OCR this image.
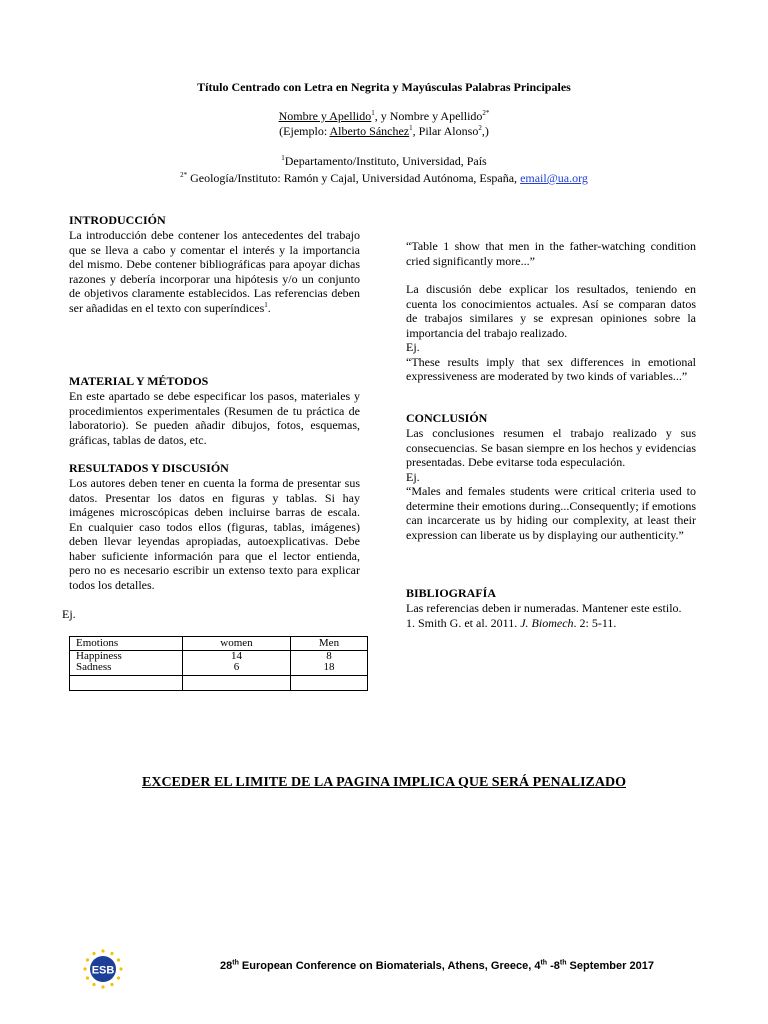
Título Centrado con Letra en Negrita y Mayúsculas Palabras Principales
Nombre y Apellido$^1$, y Nombre y Apellido$^{2*}$
(Ejemplo: Alberto Sánchez$^1$, Pilar Alonso$^2$,)
$^1$Departamento/Instituto, Universidad, País
$^{2*}$ Geología/Instituto: Ramón y Cajal, Universidad Autónoma, España, email@ua.org
INTRODUCCIÓN

La introducción debe contener los antecedentes del trabajo que se lleva a cabo y comentar el interés y la importancia del mismo. Debe contener bibliográficas para apoyar dichas razones y debería incorporar una hipótesis y/o un conjunto de objetivos claramente establecidos. Las referencias deben ser añadidas en el texto con superíndices$^1$.

MATERIAL Y MÉTODOS

En este apartado se debe especificar los pasos, materiales y procedimientos experimentales (Resumen de tu práctica de laboratorio). Se pueden añadir dibujos, fotos, esquemas, gráficas, tablas de datos, etc.

RESULTADOS Y DISCUSIÓN

Los autores deben tener en cuenta la forma de presentar sus datos. Presentar los datos en figuras y tablas. Si hay imágenes microscópicas deben incluirse barras de escala. En cualquier caso todos ellos (figuras, tablas, imágenes) deben llevar leyendas apropiadas, autoexplicativas. Debe haber suficiente información para que el lector entienda, pero no es necesario escribir un extenso texto para explicar todos los detalles.

Ej.
Emotions	women	Men
Happiness	14	8
Sadness	6	18

“Table 1 show that men in the father-watching condition cried significantly more...”

La discusión debe explicar los resultados, teniendo en cuenta los conocimientos actuales. Así se comparan datos de trabajos similares y se expresan opiniones sobre la importancia del trabajo realizado.

Ej.

“These results imply that sex differences in emotional expressiveness are moderated by two kinds of variables...”

CONCLUSIÓN

Las conclusiones resumen el trabajo realizado y sus consecuencias. Se basan siempre en los hechos y evidencias presentadas. Debe evitarse toda especulación.

Ej.

“Males and females students were critical criteria used to determine their emotions during...Consequently; if emotions can incarcerate us by hiding our complexity, at least their expression can liberate us by displaying our authenticity.”

BIBLIOGRAFÍA

Las referencias deben ir numeradas. Mantener este estilo.

1. Smith G. et al. 2011. J. Biomech. 2: 5-11.

EXCEDER EL LIMITE DE LA PAGINA IMPLICA QUE SERÁ PENALIZADO
ESB	28th European Conference on Biomaterials, Athens, Greece, 4th -8th September 2017
